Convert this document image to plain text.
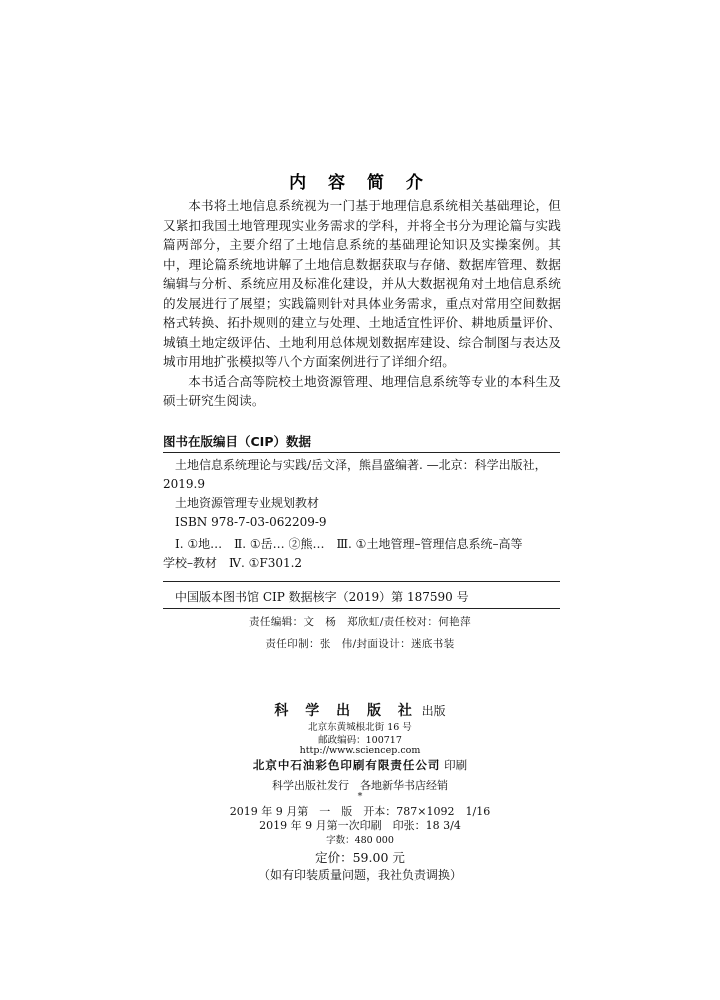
内 容 简 介

本书将土地信息系统视为一门基于地理信息系统相关基础理论，但又紧扣我国土地管理现实业务需求的学科，并将全书分为理论篇与实践篇两部分，主要介绍了土地信息系统的基础理论知识及实操案例。其中，理论篇系统地讲解了土地信息数据获取与存储、数据库管理、数据编辑与分析、系统应用及标准化建设，并从大数据视角对土地信息系统的发展进行了展望；实践篇则针对具体业务需求，重点对常用空间数据格式转换、拓扑规则的建立与处理、土地适宜性评价、耕地质量评价、城镇土地定级评估、土地利用总体规划数据库建设、综合制图与表达及城市用地扩张模拟等八个方面案例进行了详细介绍。

本书适合高等院校土地资源管理、地理信息系统等专业的本科生及硕士研究生阅读。

图书在版编目（CIP）数据
土地信息系统理论与实践/岳文泽，熊昌盛编著. —北京：科学出版社，
2019.9
土地资源管理专业规划教材
ISBN 978-7-03-062209-9
Ⅰ. ①地…　Ⅱ. ①岳… ②熊…　Ⅲ. ①土地管理–管理信息系统–高等
学校–教材　Ⅳ. ①F301.2
中国版本图书馆 CIP 数据核字（2019）第 187590 号
责任编辑：文　杨　郑欣虹/责任校对：何艳萍
责任印制：张　伟/封面设计：迷底书装
科 学 出 版 社 出版
北京东黄城根北街 16 号
邮政编码：100717
http://www.sciencep.com
北京中石油彩色印刷有限责任公司 印刷
科学出版社发行　各地新华书店经销
*
2019 年 9 月第　一　版　开本：787×1092　1/16
2019 年 9 月第一次印刷　印张：18 3/4
字数：480 000
定价：59.00 元
（如有印装质量问题，我社负责调换）
